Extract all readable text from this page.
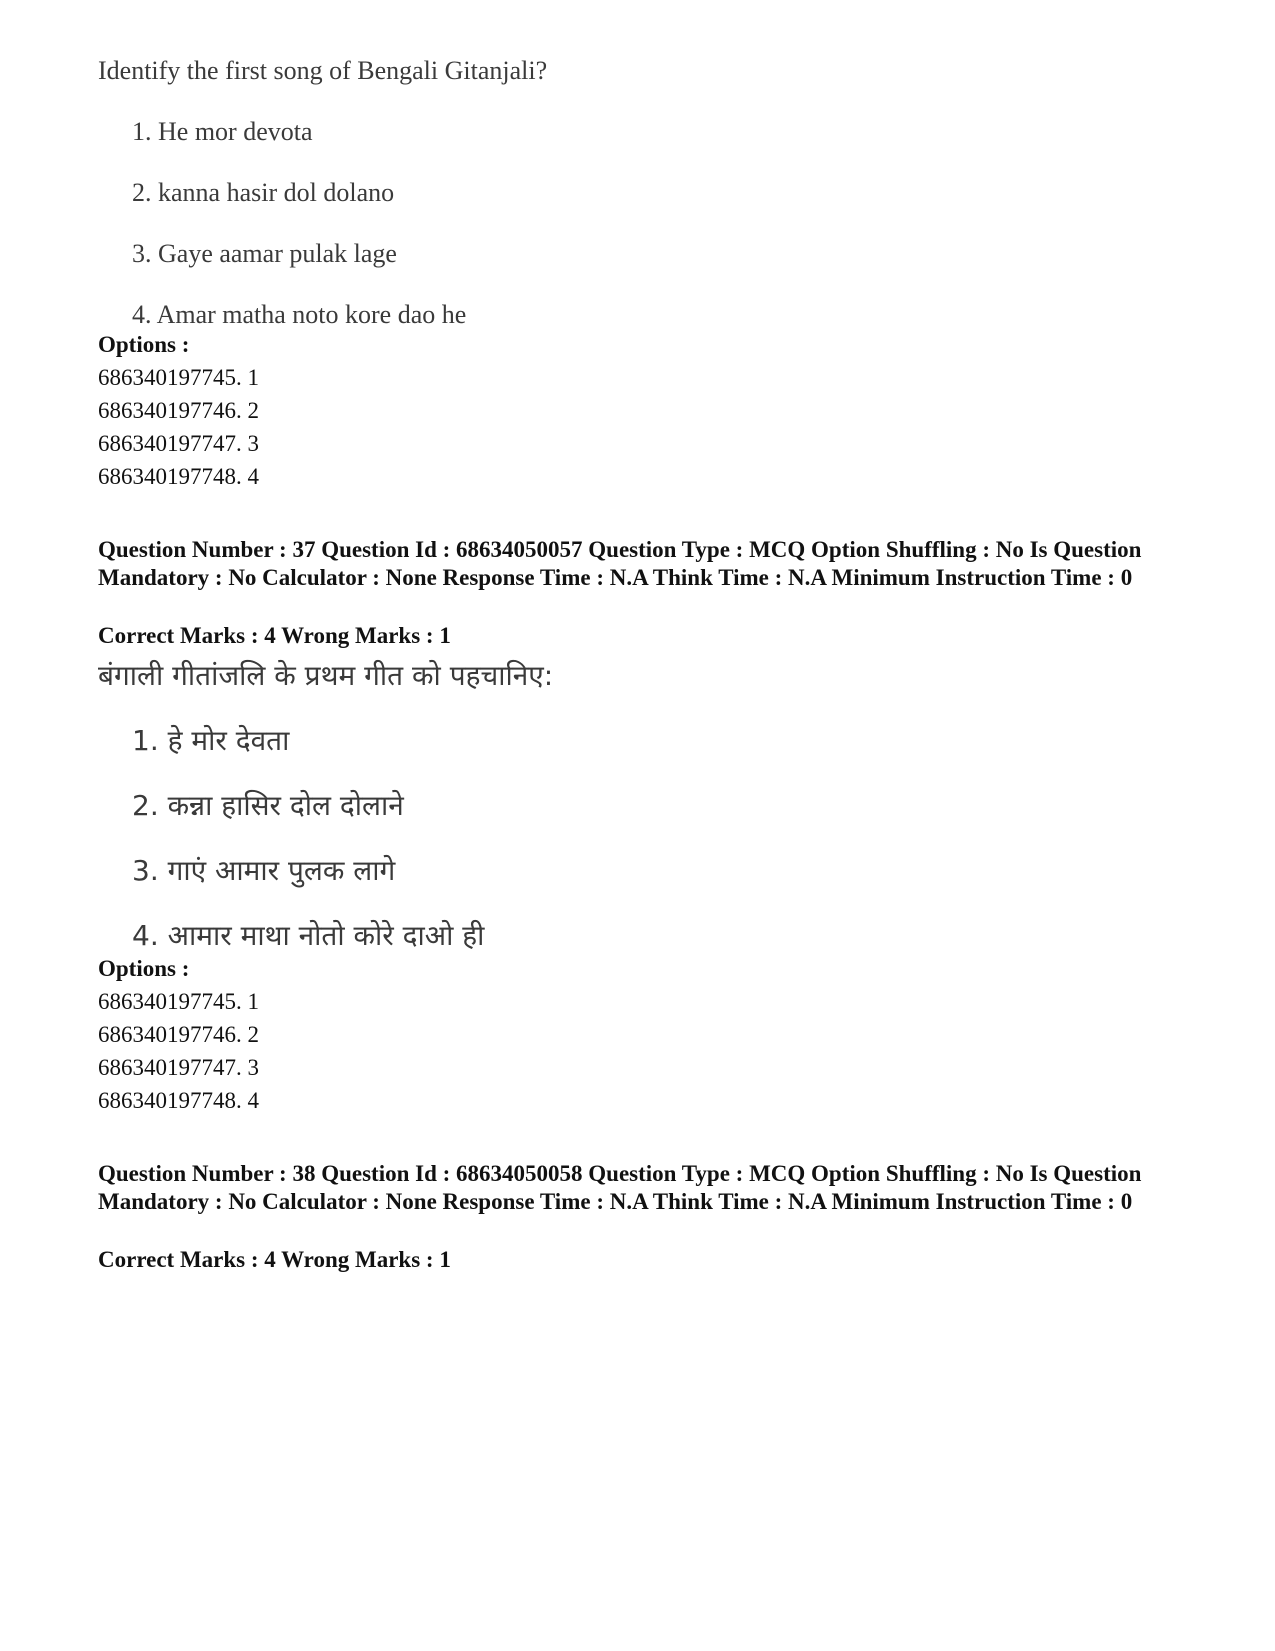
Identify the first song of Bengali Gitanjali?
1. He mor devota
2. kanna hasir dol dolano
3. Gaye aamar pulak lage
4. Amar matha noto kore dao he
Options :
686340197745. 1
686340197746. 2
686340197747. 3
686340197748. 4
Question Number : 37 Question Id : 68634050057 Question Type : MCQ Option Shuffling : No Is Question Mandatory : No Calculator : None Response Time : N.A Think Time : N.A Minimum Instruction Time : 0
Correct Marks : 4 Wrong Marks : 1
बंगाली गीतांजलि के प्रथम गीत को पहचानिए:
1. हे मोर देवता
2. कन्ना हासिर दोल दोलाने
3. गाएं आमार पुलक लागे
4. आमार माथा नोतो कोरे दाओ ही
Options :
686340197745. 1
686340197746. 2
686340197747. 3
686340197748. 4
Question Number : 38 Question Id : 68634050058 Question Type : MCQ Option Shuffling : No Is Question Mandatory : No Calculator : None Response Time : N.A Think Time : N.A Minimum Instruction Time : 0
Correct Marks : 4 Wrong Marks : 1
